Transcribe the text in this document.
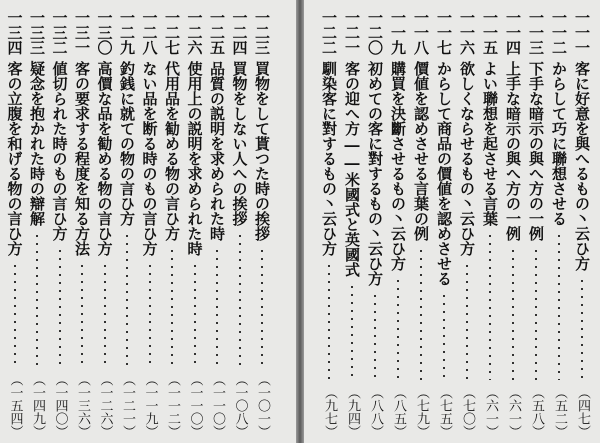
一二三
買物をして貰つた時の挨拶
（一〇一）
一二四
買物をしない人への挨拶
（一〇八）
一二五
品質の説明を求められた時
（一一〇）
一二六
使用上の説明を求められた時
（一一〇）
一二七
代用品を勧める物の言ひ方
（一一二）
一二八
ない品を断る時のもの言ひ方
（一一九）
一二九
釣銭に就ての物の言ひ方
（一二一）
一三〇
高價な品を勧める物の言ひ方
（一二六）
一三一
客の要求する程度を知る方法
（一三六）
一三二
値切られた時のもの言ひ方
（一四〇）
一三三
疑念を抱かれた時の辯解
（一四九）
一三四
客の立腹を和げる物の言ひ方
（一五四）
一一一
客に好意を與へるもの丶云ひ方
（四七）
一一二
からして巧に聯想させる
（五二）
一一三
下手な暗示の與へ方の一例
（五八）
一一四
上手な暗示の與へ方の一例
（六一）
一一五
よい聯想を起させる言葉
（六一）
一一六
欲しくならせるもの丶云ひ方
（七〇）
一一七
からして商品の價値を認めさせる
（七五）
一一八
價値を認めさせる言葉の例
（七九）
一一九
購買を決斷させるもの丶云ひ方
（八五）
一二〇
初めての客に對するもの丶云ひ方
（八八）
一二一
客の迎へ方――米國式と英國式
（九四）
一二二
馴染客に對するもの丶云ひ方
（九七）
